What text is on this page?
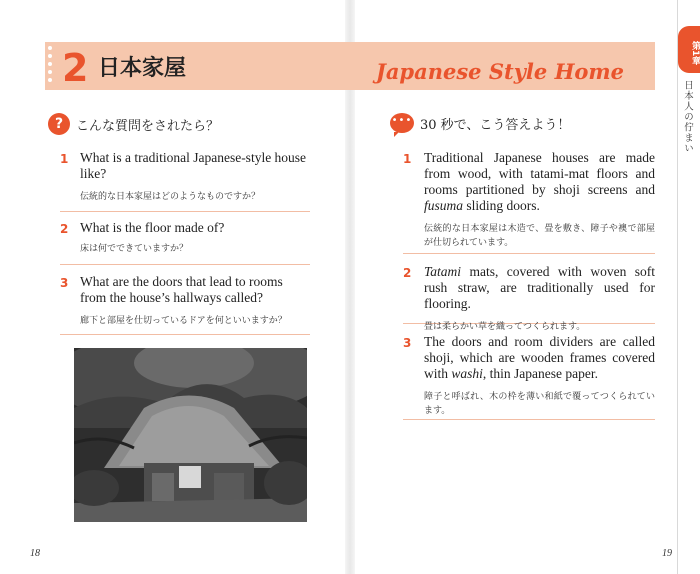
2 日本家屋	Japanese Style Home
? こんな質問をされたら？
1 What is a traditional Japanese-style house like?
伝統的な日本家屋はどのようなものですか？
2 What is the floor made of?
床は何でできていますか？
3 What are the doors that lead to rooms from the house’s hallways called?
廊下と部屋を仕切っているドアを何といいますか？
18
••• 30 秒で、こう答えよう！
1 Traditional Japanese houses are made from wood, with tatami-mat floors and rooms partitioned by shoji screens and fusuma sliding doors.
伝統的な日本家屋は木造で、畳を敷き、障子や襖で部屋が仕切られています。
2 Tatami mats, covered with woven soft rush straw, are traditionally used for flooring.
畳は柔らかい草を織ってつくられます。
3 The doors and room dividers are called shoji, which are wooden frames covered with washi, thin Japanese paper.
障子と呼ばれ、木の枠を薄い和紙で覆ってつくられています。
19
第1章
日本人の佇まい
